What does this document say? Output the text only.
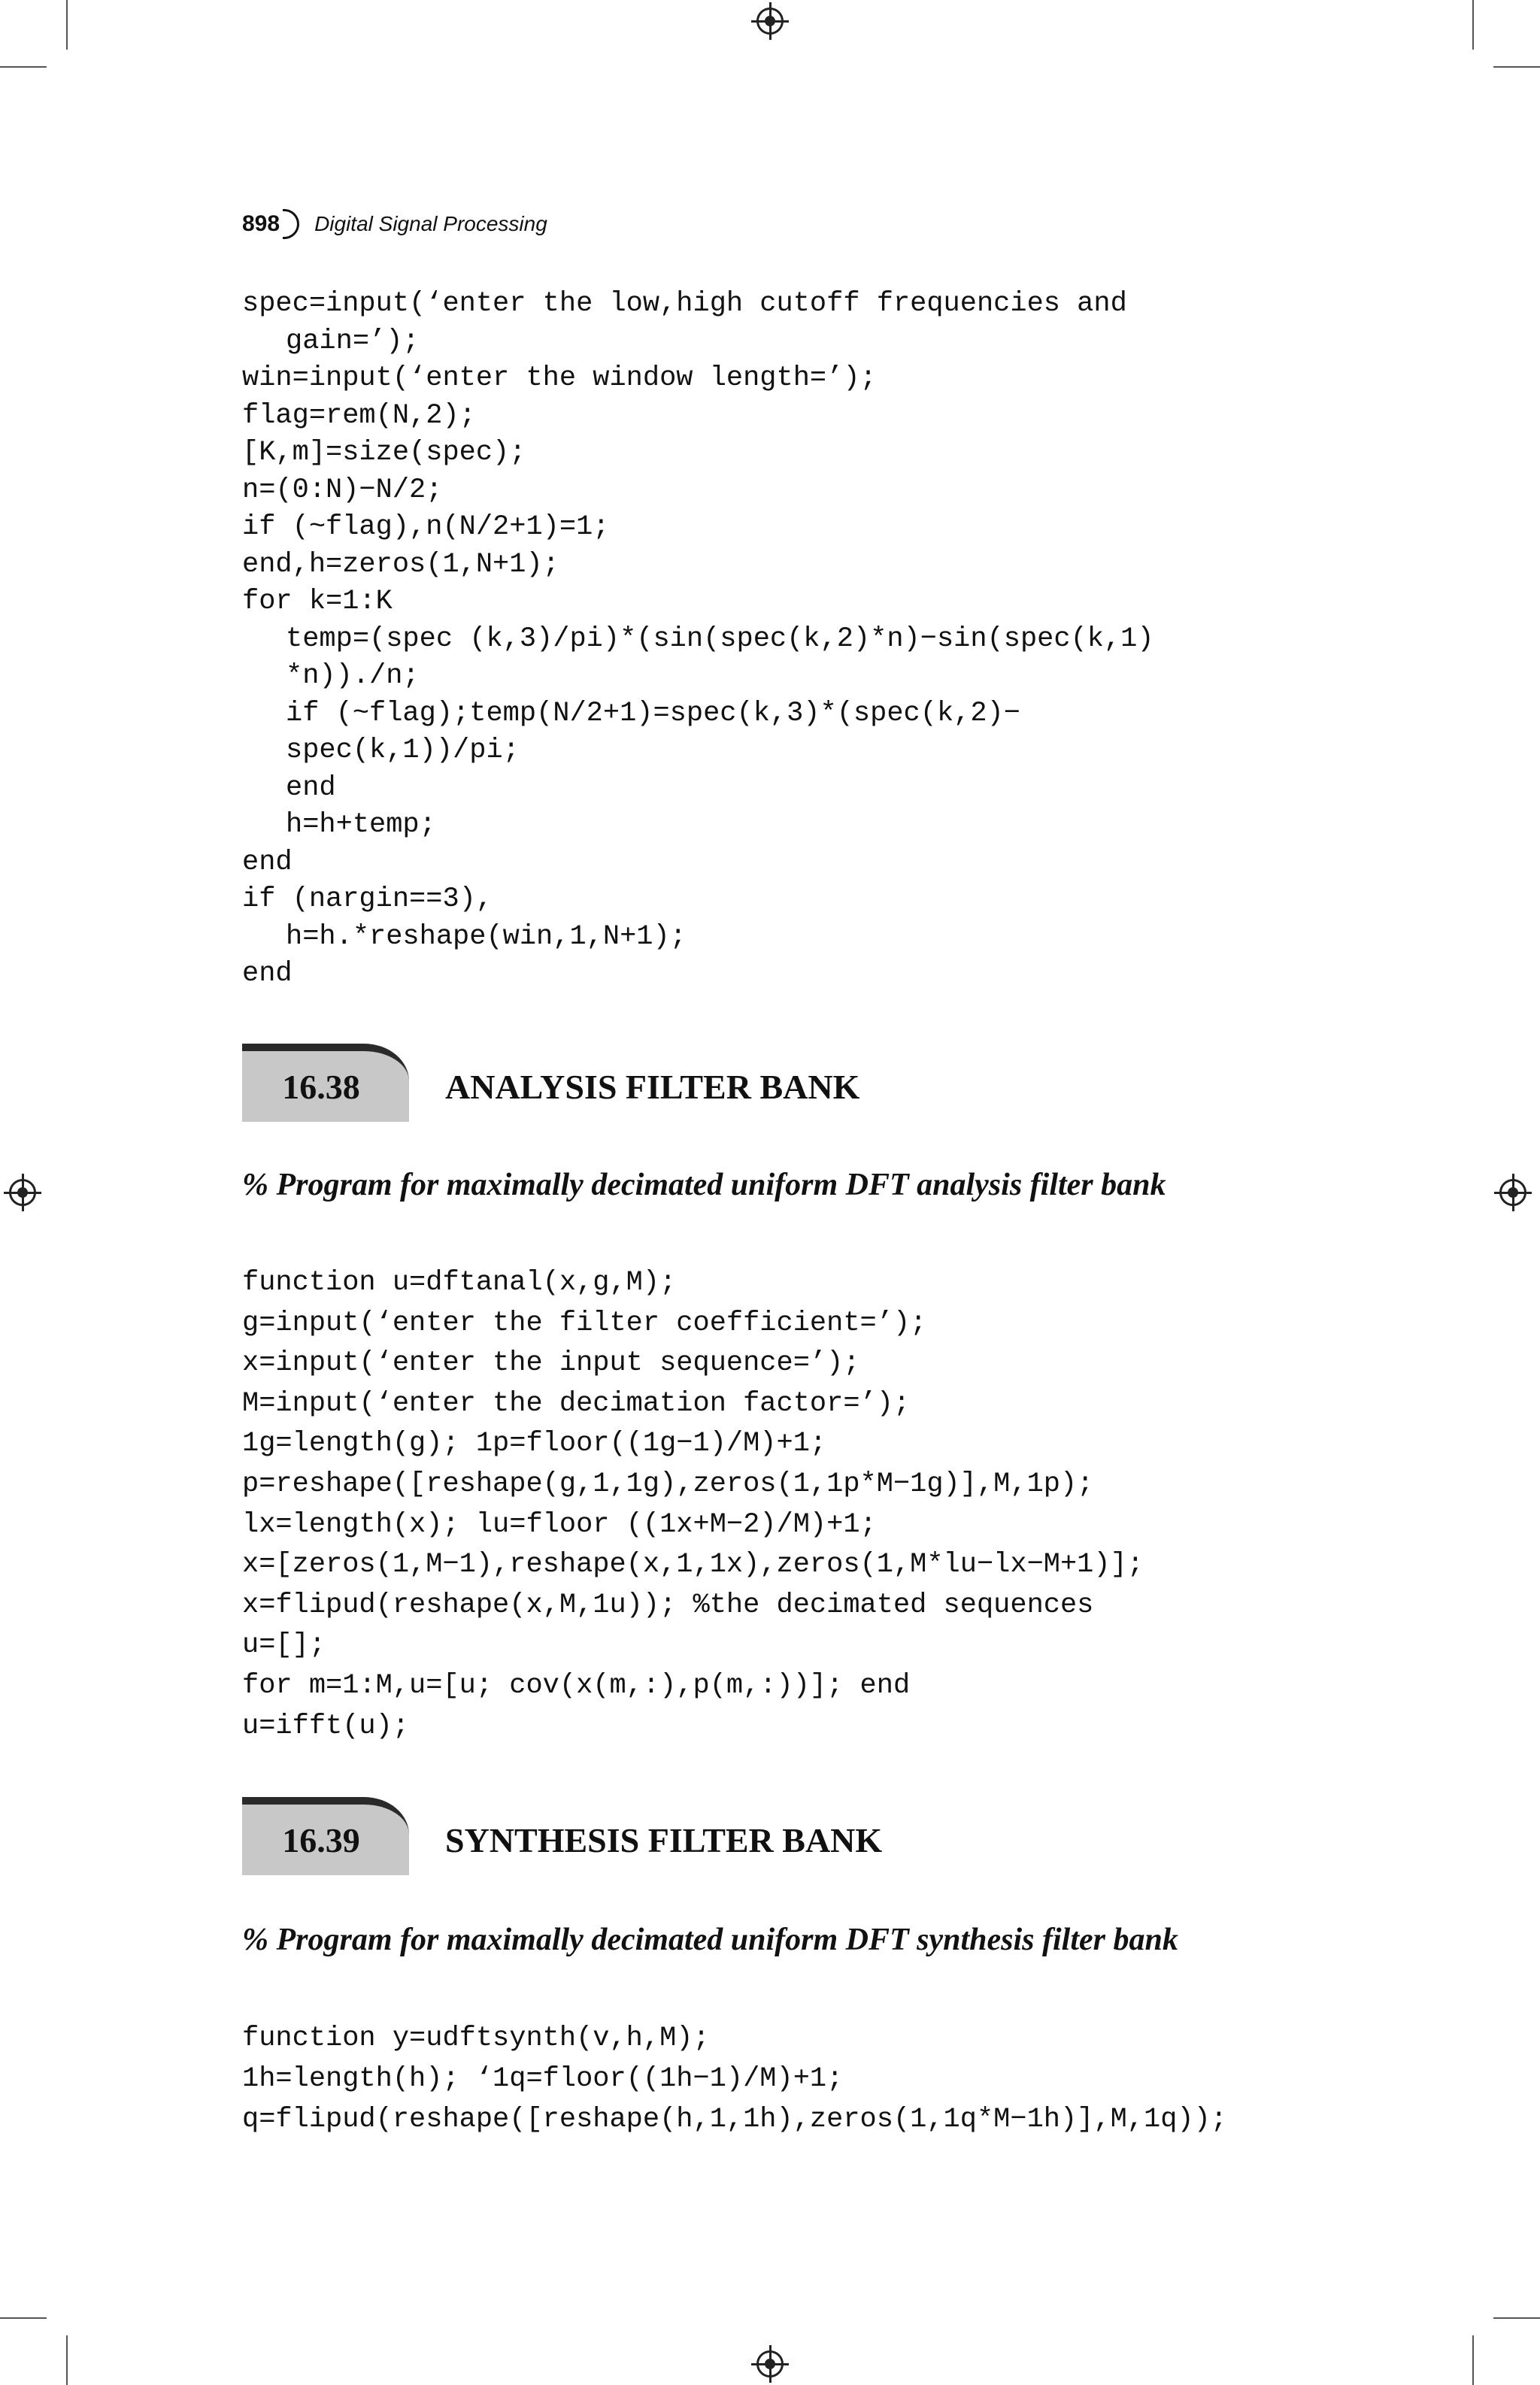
898 Digital Signal Processing
spec=input(‘enter the low,high cutoff frequencies and
gain=’);
win=input(‘enter the window length=’);
flag=rem(N,2);
[K,m]=size(spec);
n=(0:N)−N/2;
if (~flag),n(N/2+1)=1;
end,h=zeros(1,N+1);
for k=1:K
temp=(spec (k,3)/pi)*(sin(spec(k,2)*n)−sin(spec(k,1)
*n))./n;
if (~flag);temp(N/2+1)=spec(k,3)*(spec(k,2)−
spec(k,1))/pi;
end
h=h+temp;
end
if (nargin==3),
h=h.*reshape(win,1,N+1);
end
16.38	ANALYSIS FILTER BANK
% Program for maximally decimated uniform DFT analysis filter bank
function u=dftanal(x,g,M);
g=input(‘enter the filter coefficient=’);
x=input(‘enter the input sequence=’);
M=input(‘enter the decimation factor=’);
1g=length(g); 1p=floor((1g−1)/M)+1;
p=reshape([reshape(g,1,1g),zeros(1,1p*M−1g)],M,1p);
lx=length(x); lu=floor ((1x+M−2)/M)+1;
x=[zeros(1,M−1),reshape(x,1,1x),zeros(1,M*lu−lx−M+1)];
x=flipud(reshape(x,M,1u)); %the decimated sequences
u=[];
for m=1:M,u=[u; cov(x(m,:),p(m,:))]; end
u=ifft(u);
16.39	SYNTHESIS FILTER BANK
% Program for maximally decimated uniform DFT synthesis filter bank
function y=udftsynth(v,h,M);
1h=length(h); ‘1q=floor((1h−1)/M)+1;
q=flipud(reshape([reshape(h,1,1h),zeros(1,1q*M−1h)],M,1q));
